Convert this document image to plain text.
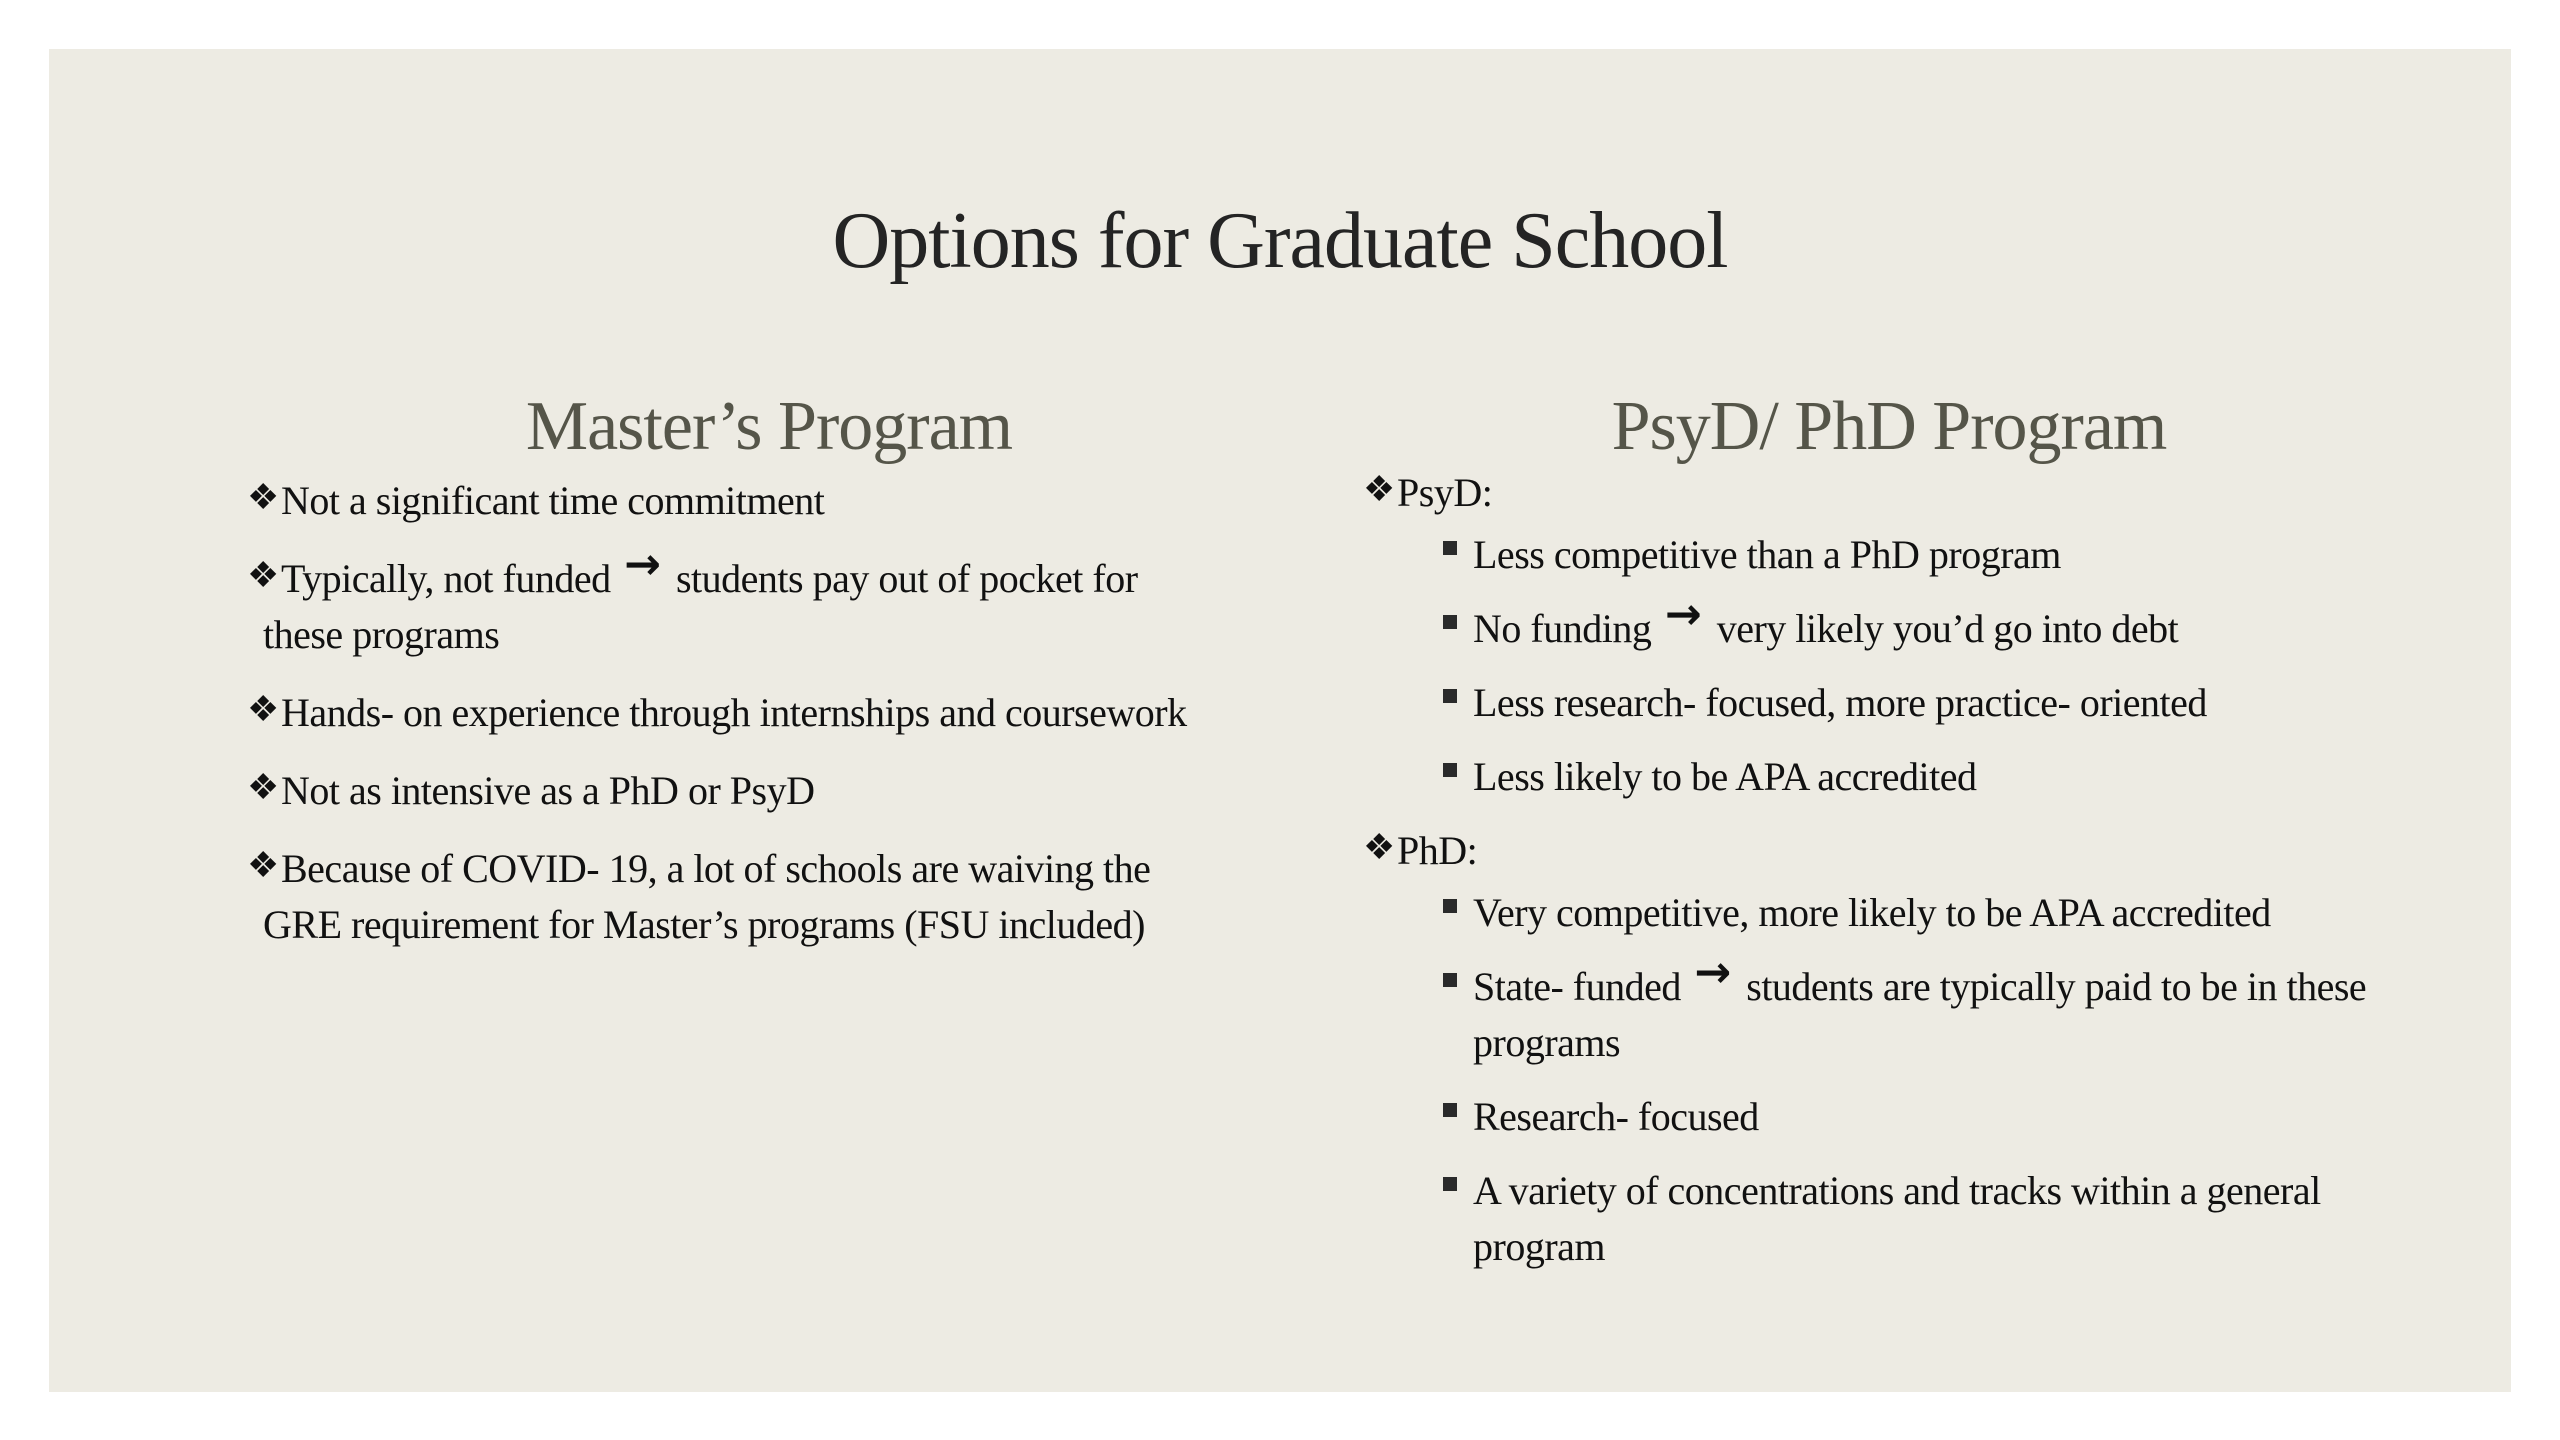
Options for Graduate School
Master’s Program	PsyD/ PhD Program
❖ Not a significant time commitment
❖ Typically, not funded → students pay out of pocket for
these programs
❖ Hands- on experience through internships and coursework
❖ Not as intensive as a PhD or PsyD
❖ Because of COVID- 19, a lot of schools are waiving the
GRE requirement for Master’s programs (FSU included)
❖ PsyD:
Less competitive than a PhD program
No funding → very likely you’d go into debt
Less research- focused, more practice- oriented
Less likely to be APA accredited
❖ PhD:
Very competitive, more likely to be APA accredited
State- funded → students are typically paid to be in these
programs
Research- focused
A variety of concentrations and tracks within a general
program
